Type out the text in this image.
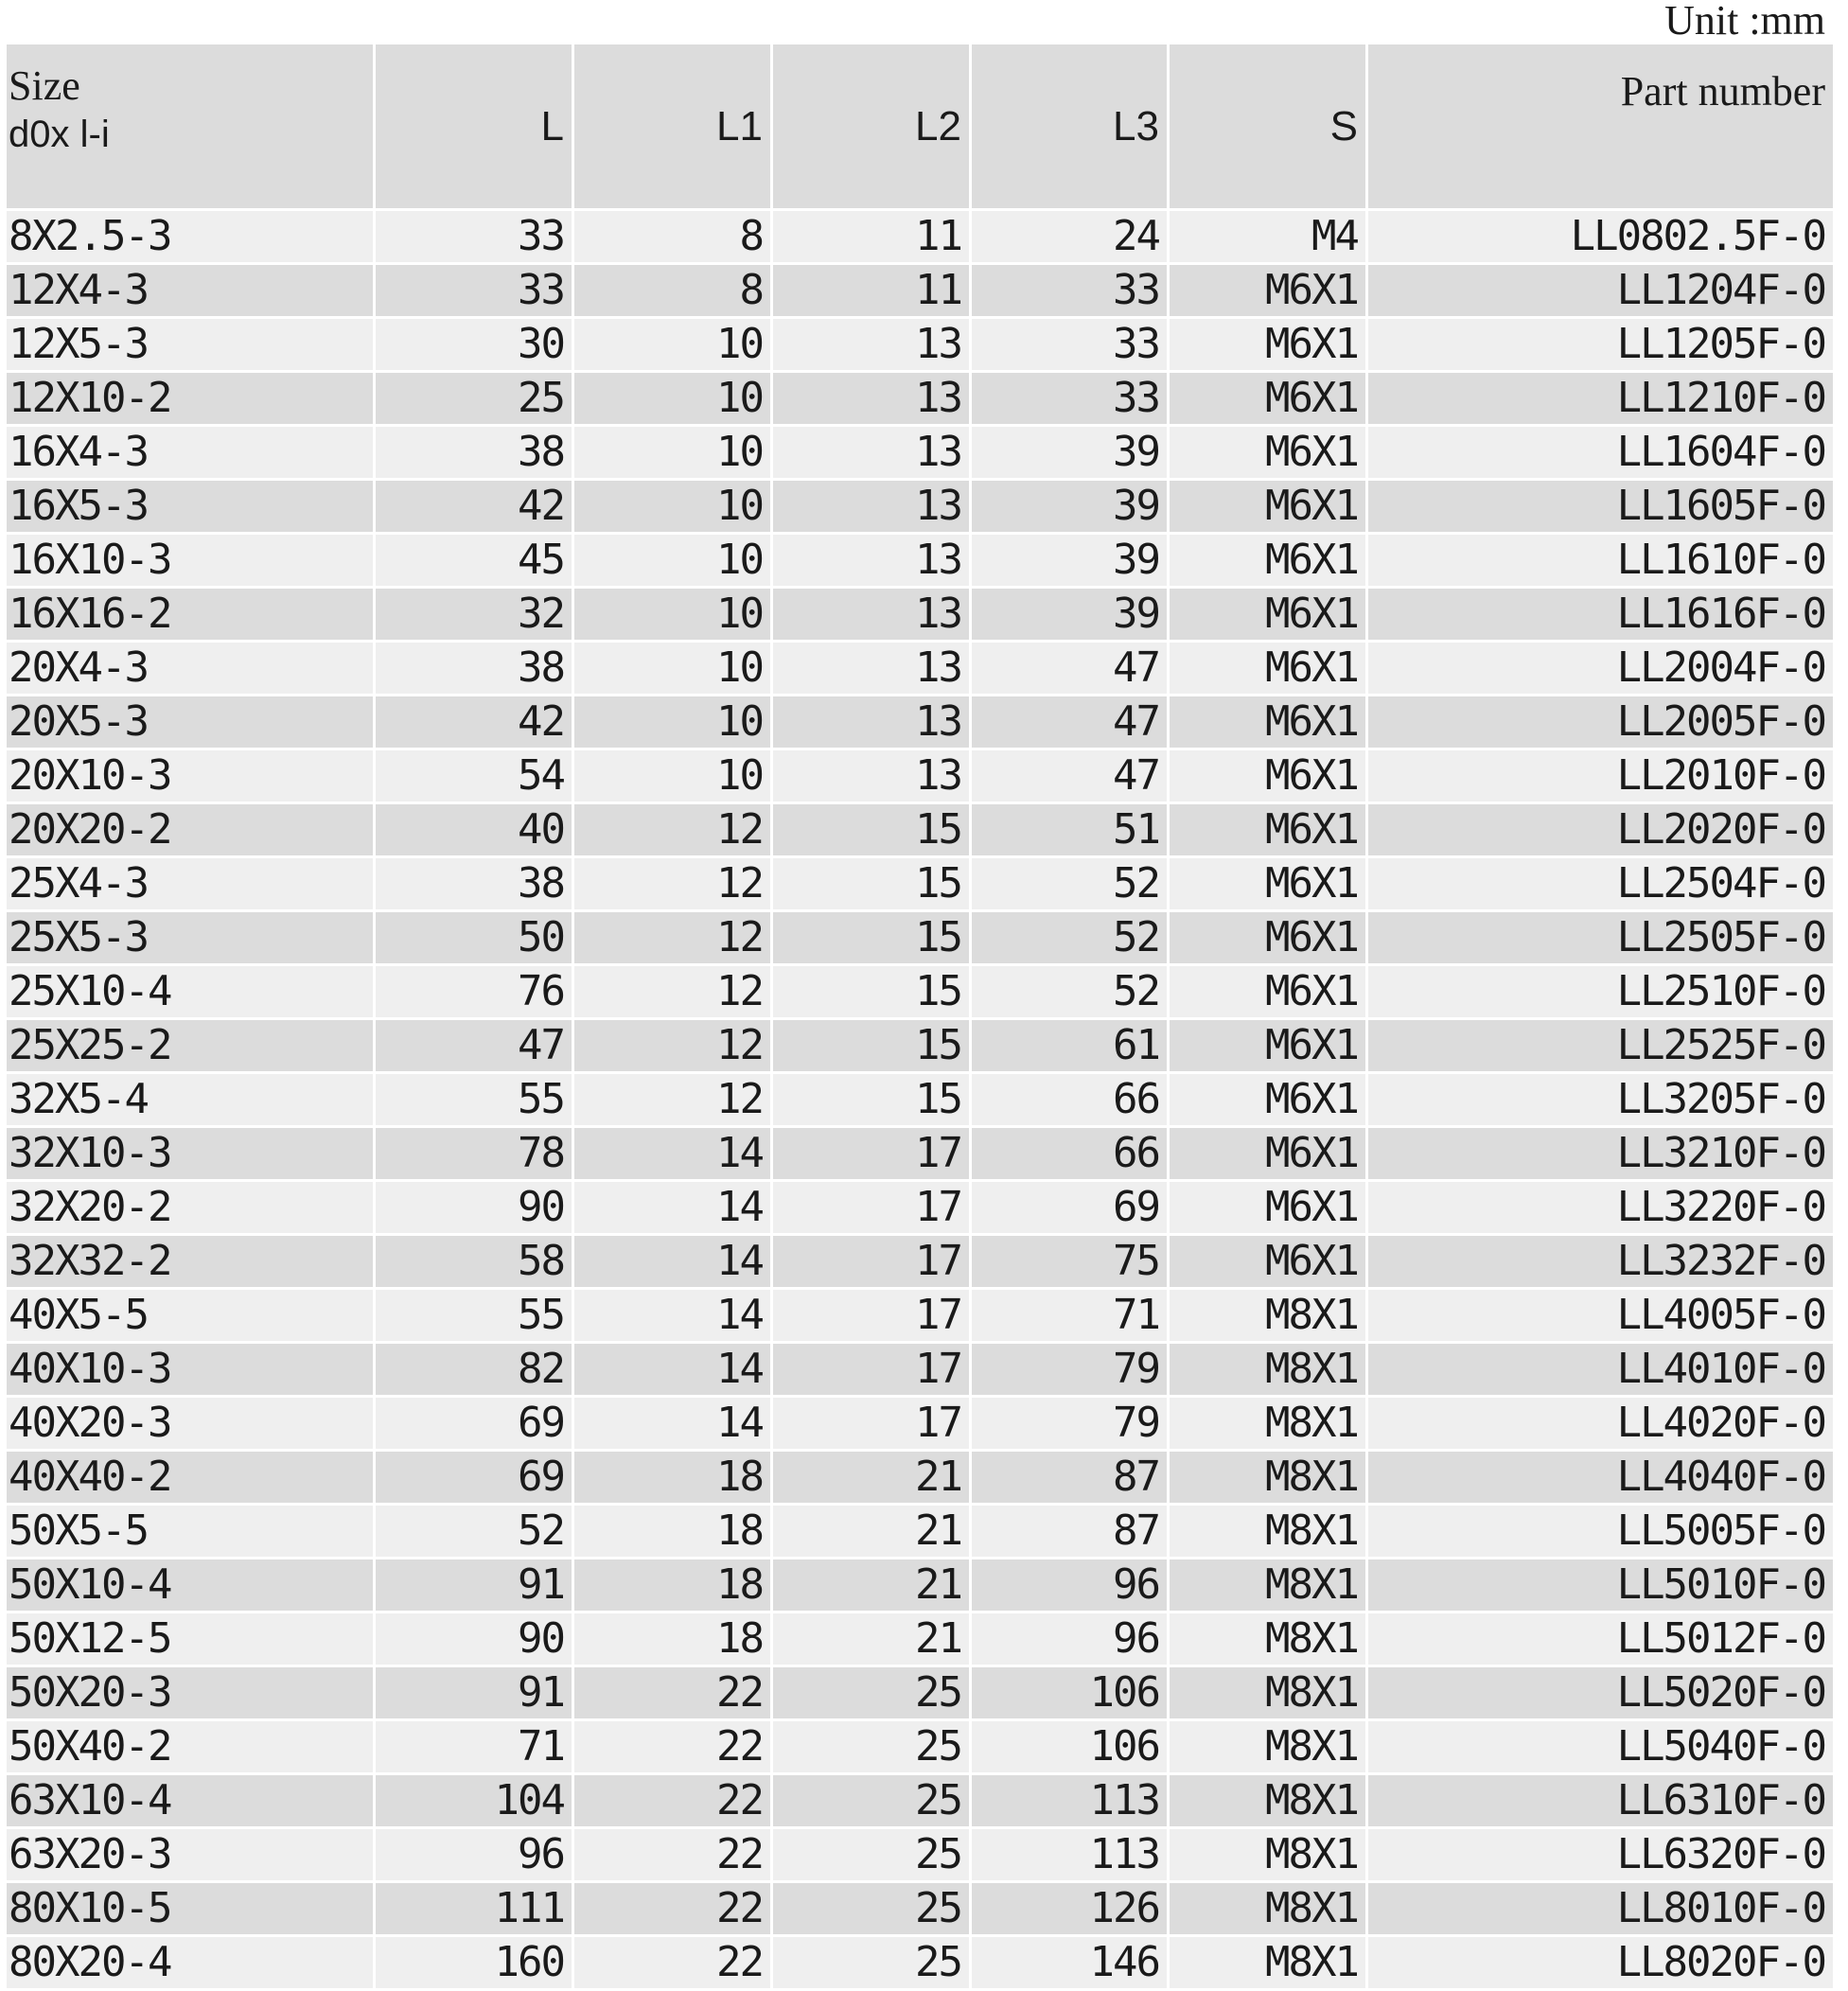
Unit :mm
Size
d0x l-i	L	L1	L2	L3	S	Part number
8X2.5-3	33	8	11	24	M4	LL0802.5F-0
12X4-3	33	8	11	33	M6X1	LL1204F-0
12X5-3	30	10	13	33	M6X1	LL1205F-0
12X10-2	25	10	13	33	M6X1	LL1210F-0
16X4-3	38	10	13	39	M6X1	LL1604F-0
16X5-3	42	10	13	39	M6X1	LL1605F-0
16X10-3	45	10	13	39	M6X1	LL1610F-0
16X16-2	32	10	13	39	M6X1	LL1616F-0
20X4-3	38	10	13	47	M6X1	LL2004F-0
20X5-3	42	10	13	47	M6X1	LL2005F-0
20X10-3	54	10	13	47	M6X1	LL2010F-0
20X20-2	40	12	15	51	M6X1	LL2020F-0
25X4-3	38	12	15	52	M6X1	LL2504F-0
25X5-3	50	12	15	52	M6X1	LL2505F-0
25X10-4	76	12	15	52	M6X1	LL2510F-0
25X25-2	47	12	15	61	M6X1	LL2525F-0
32X5-4	55	12	15	66	M6X1	LL3205F-0
32X10-3	78	14	17	66	M6X1	LL3210F-0
32X20-2	90	14	17	69	M6X1	LL3220F-0
32X32-2	58	14	17	75	M6X1	LL3232F-0
40X5-5	55	14	17	71	M8X1	LL4005F-0
40X10-3	82	14	17	79	M8X1	LL4010F-0
40X20-3	69	14	17	79	M8X1	LL4020F-0
40X40-2	69	18	21	87	M8X1	LL4040F-0
50X5-5	52	18	21	87	M8X1	LL5005F-0
50X10-4	91	18	21	96	M8X1	LL5010F-0
50X12-5	90	18	21	96	M8X1	LL5012F-0
50X20-3	91	22	25	106	M8X1	LL5020F-0
50X40-2	71	22	25	106	M8X1	LL5040F-0
63X10-4	104	22	25	113	M8X1	LL6310F-0
63X20-3	96	22	25	113	M8X1	LL6320F-0
80X10-5	111	22	25	126	M8X1	LL8010F-0
80X20-4	160	22	25	146	M8X1	LL8020F-0
